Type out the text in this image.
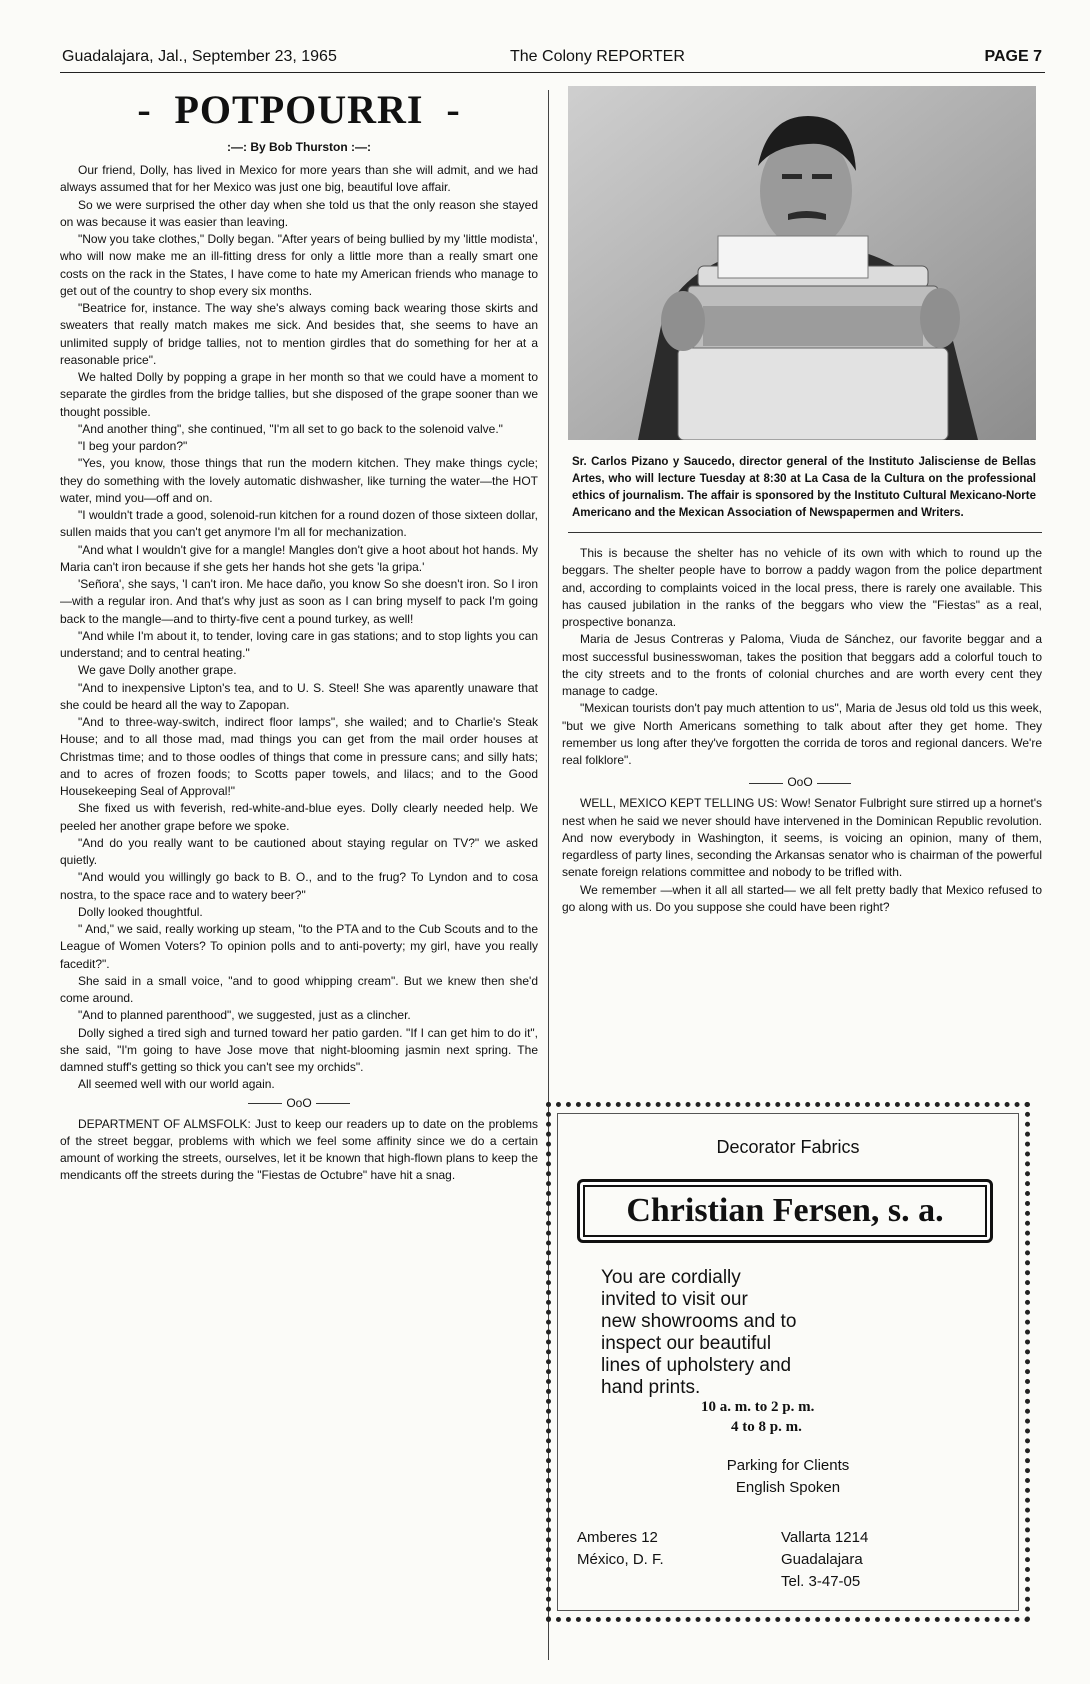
Guadalajara, Jal., September 23, 1965	The Colony REPORTER	PAGE 7
- POTPOURRI -
:—: By Bob Thurston :—:

Our friend, Dolly, has lived in Mexico for more years than she will admit, and we had always assumed that for her Mexico was just one big, beautiful love affair.

So we were surprised the other day when she told us that the only reason she stayed on was because it was easier than leaving.

"Now you take clothes," Dolly began. "After years of being bullied by my 'little modista', who will now make me an ill-fitting dress for only a little more than a really smart one costs on the rack in the States, I have come to hate my American friends who manage to get out of the country to shop every six months.

"Beatrice for, instance. The way she's always coming back wearing those skirts and sweaters that really match makes me sick. And besides that, she seems to have an unlimited supply of bridge tallies, not to mention girdles that do something for her at a reasonable price".

We halted Dolly by popping a grape in her month so that we could have a moment to separate the girdles from the bridge tallies, but she disposed of the grape sooner than we thought possible.

"And another thing", she continued, "I'm all set to go back to the solenoid valve."

"I beg your pardon?"

"Yes, you know, those things that run the modern kitchen. They make things cycle; they do something with the lovely automatic dishwasher, like turning the water—the HOT water, mind you—off and on.

"I wouldn't trade a good, solenoid-run kitchen for a round dozen of those sixteen dollar, sullen maids that you can't get anymore I'm all for mechanization.

"And what I wouldn't give for a mangle! Mangles don't give a hoot about hot hands. My Maria can't iron because if she gets her hands hot she gets 'la gripa.'

'Señora', she says, 'I can't iron. Me hace daño, you know So she doesn't iron. So I iron—with a regular iron. And that's why just as soon as I can bring myself to pack I'm going back to the mangle—and to thirty-five cent a pound turkey, as well!

"And while I'm about it, to tender, loving care in gas stations; and to stop lights you can understand; and to central heating."

We gave Dolly another grape.

"And to inexpensive Lipton's tea, and to U. S. Steel! She was aparently unaware that she could be heard all the way to Zapopan.

"And to three-way-switch, indirect floor lamps", she wailed; and to Charlie's Steak House; and to all those mad, mad things you can get from the mail order houses at Christmas time; and to those oodles of things that come in pressure cans; and silly hats; and to acres of frozen foods; to Scotts paper towels, and lilacs; and to the Good Housekeeping Seal of Approval!"

She fixed us with feverish, red-white-and-blue eyes. Dolly clearly needed help. We peeled her another grape before we spoke.

"And do you really want to be cautioned about staying regular on TV?" we asked quietly.

"And would you willingly go back to B. O., and to the frug? To Lyndon and to cosa nostra, to the space race and to watery beer?"

Dolly looked thoughtful.

" And," we said, really working up steam, "to the PTA and to the Cub Scouts and to the League of Women Voters? To opinion polls and to anti-poverty; my girl, have you really facedit?".

She said in a small voice, "and to good whipping cream". But we knew then she'd come around.

"And to planned parenthood", we suggested, just as a clincher.

Dolly sighed a tired sigh and turned toward her patio garden. "If I can get him to do it", she said, "I'm going to have Jose move that night-blooming jasmin next spring. The damned stuff's getting so thick you can't see my orchids".

All seemed well with our world again.

OoO

DEPARTMENT OF ALMSFOLK: Just to keep our readers up to date on the problems of the street beggar, problems with which we feel some affinity since we do a certain amount of working the streets, ourselves, let it be known that high-flown plans to keep the mendicants off the streets during the "Fiestas de Octubre" have hit a snag.

Sr. Carlos Pizano y Saucedo, director general of the Instituto Jalisciense de Bellas Artes, who will lecture Tuesday at 8:30 at La Casa de la Cultura on the professional ethics of journalism. The affair is sponsored by the Instituto Cultural Mexicano-Norte Americano and the Mexican Association of Newspapermen and Writers.

This is because the shelter has no vehicle of its own with which to round up the beggars. The shelter people have to borrow a paddy wagon from the police department and, according to complaints voiced in the local press, there is rarely one available. This has caused jubilation in the ranks of the beggars who view the "Fiestas" as a real, prospective bonanza.

Maria de Jesus Contreras y Paloma, Viuda de Sánchez, our favorite beggar and a most successful businesswoman, takes the position that beggars add a colorful touch to the city streets and to the fronts of colonial churches and are worth every cent they manage to cadge.

"Mexican tourists don't pay much attention to us", Maria de Jesus old told us this week, "but we give North Americans something to talk about after they get home. They remember us long after they've forgotten the corrida de toros and regional dancers. We're real folklore".

OoO

WELL, MEXICO KEPT TELLING US: Wow! Senator Fulbright sure stirred up a hornet's nest when he said we never should have intervened in the Dominican Republic revolution. And now everybody in Washington, it seems, is voicing an opinion, many of them, regardless of party lines, seconding the Arkansas senator who is chairman of the powerful senate foreign relations committee and nobody to be trifled with.

We remember —when it all all started— we all felt pretty badly that Mexico refused to go along with us. Do you suppose she could have been right?

Decorator Fabrics
Christian Fersen, s. a.
You are cordially
invited to visit our
new showrooms and to
inspect our beautiful
lines of upholstery and
hand prints.
10 a. m. to 2 p. m.
4 to 8 p. m.
Parking for Clients
English Spoken
Amberes 12
México, D. F.
Vallarta 1214
Guadalajara
Tel. 3-47-05
